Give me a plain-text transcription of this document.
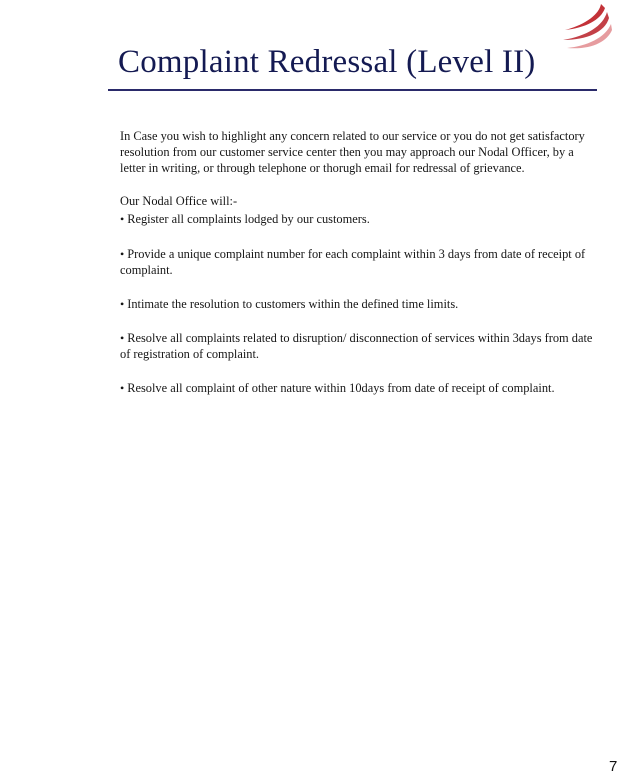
Complaint Redressal (Level II)

In Case you wish to highlight any concern related to our service or you do not get satisfactory resolution from our customer service center then you may approach our Nodal Officer, by a letter in writing, or through telephone or thorugh email for redressal of grievance.

Our Nodal Office will:-

• Register all complaints lodged by our customers.
• Provide a unique complaint number for each complaint within 3 days from date of receipt of complaint.
• Intimate the resolution to customers within the defined time limits.
• Resolve all complaints related to disruption/ disconnection of services within 3days from date of registration of complaint.
• Resolve all complaint of other nature within 10days from date of receipt of complaint.
7
